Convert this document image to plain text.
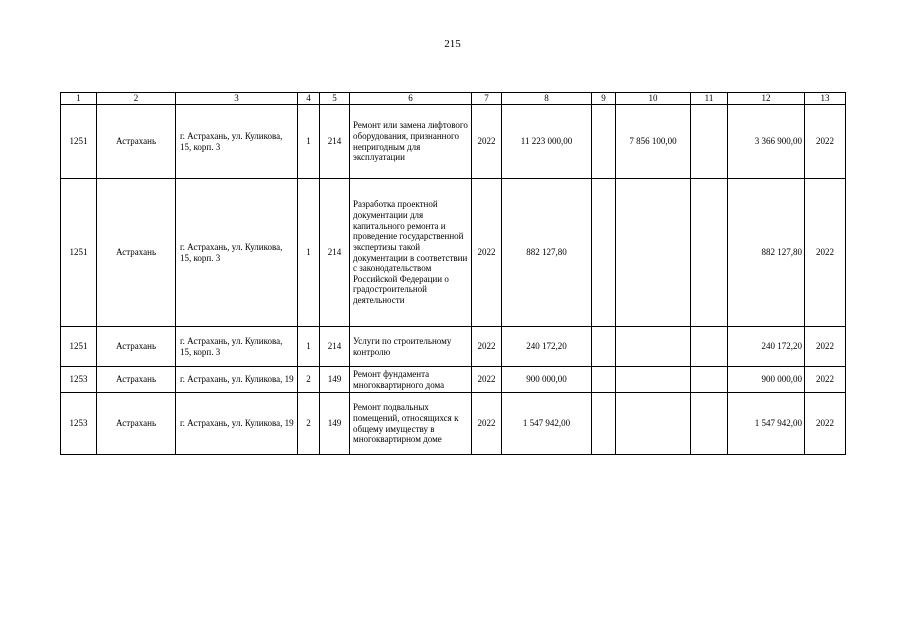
215
1	2	3	4	5	6	7	8	9	10	11	12	13
1251	Астрахань	г. Астрахань, ул. Куликова, 15, корп. 3	1	214	Ремонт или замена лифтового оборудования, признанного непригодным для эксплуатации	2022	11 223 000,00		7 856 100,00		3 366 900,00	2022
1251	Астрахань	г. Астрахань, ул. Куликова, 15, корп. 3	1	214	Разработка проектной документации для капитального ремонта и проведение государственной экспертизы такой документации в соответствии с законодательством Российской Федерации о градостроительной деятельности	2022	882 127,80				882 127,80	2022
1251	Астрахань	г. Астрахань, ул. Куликова, 15, корп. 3	1	214	Услуги по строительному контролю	2022	240 172,20				240 172,20	2022
1253	Астрахань	г. Астрахань, ул. Куликова, 19	2	149	Ремонт фундамента многоквартирного дома	2022	900 000,00				900 000,00	2022
1253	Астрахань	г. Астрахань, ул. Куликова, 19	2	149	Ремонт подвальных помещений, относящихся к общему имуществу в многоквартирном доме	2022	1 547 942,00				1 547 942,00	2022
